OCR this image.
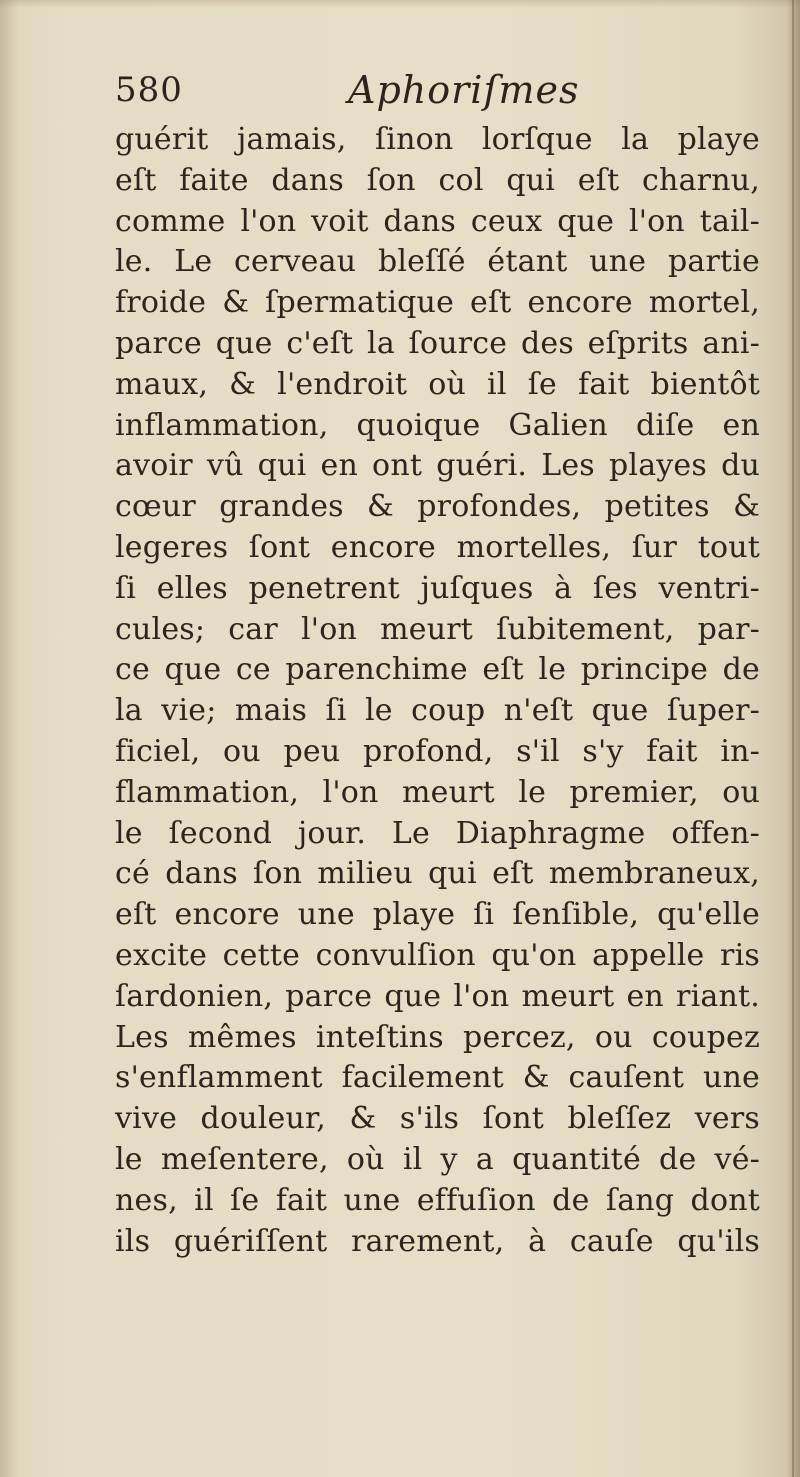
580	Aphoriſmes
guérit jamais, ſinon lorſque la playe
eſt faite dans ſon col qui eſt charnu,
comme l'on voit dans ceux que l'on tail-
le. Le cerveau bleſſé étant une partie
froide & ſpermatique eſt encore mortel,
parce que c'eſt la ſource des eſprits ani-
maux, & l'endroit où il ſe fait bientôt
inflammation, quoique Galien diſe en
avoir vû qui en ont guéri. Les playes du
cœur grandes & profondes, petites &
legeres ſont encore mortelles, ſur tout
ſi elles penetrent juſques à ſes ventri-
cules; car l'on meurt ſubitement, par-
ce que ce parenchime eſt le principe de
la vie; mais ſi le coup n'eſt que ſuper-
ficiel, ou peu profond, s'il s'y fait in-
flammation, l'on meurt le premier, ou
le ſecond jour. Le Diaphragme offen-
cé dans ſon milieu qui eſt membraneux,
eſt encore une playe ſi ſenſible, qu'elle
excite cette convulſion qu'on appelle ris
ſardonien, parce que l'on meurt en riant.
Les mêmes inteſtins percez, ou coupez
s'enflamment facilement & cauſent une
vive douleur, & s'ils ſont bleſſez vers
le meſentere, où il y a quantité de vé-
nes, il ſe fait une effuſion de ſang dont
ils guériſſent rarement, à cauſe qu'ils
